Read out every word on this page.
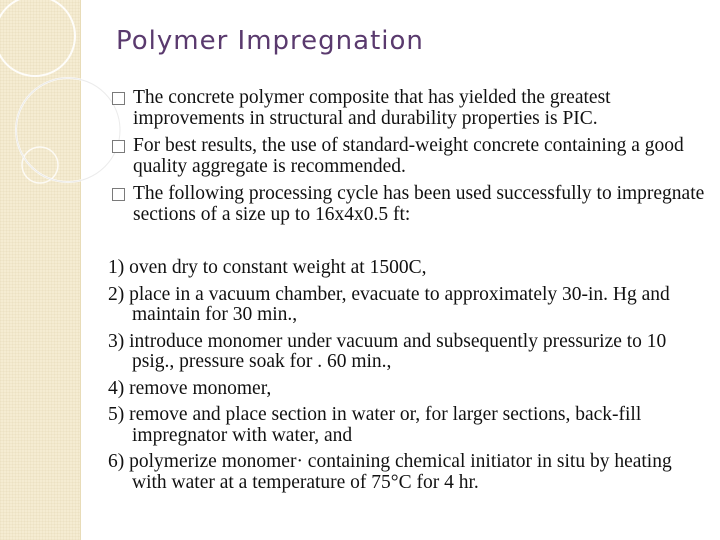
Polymer Impregnation
The concrete polymer composite that has yielded the greatest improvements in structural and durability properties is PIC.
For best results, the use of standard-weight concrete containing a good quality aggregate is recommended.
The following processing cycle has been used successfully to impregnate sections of a size up to 16x4x0.5 ft:
1) oven dry to constant weight at 1500C,
2) place in a vacuum chamber, evacuate to approximately 30-in. Hg and maintain for 30 min.,
3) introduce monomer under vacuum and subsequently pressurize to 10 psig., pressure soak for . 60 min.,
4) remove monomer,
5) remove and place section in water or, for larger sections, back-fill impregnator with water, and
6) polymerize monomer· containing chemical initiator in situ by heating with water at a temperature of 75°C for 4 hr.
